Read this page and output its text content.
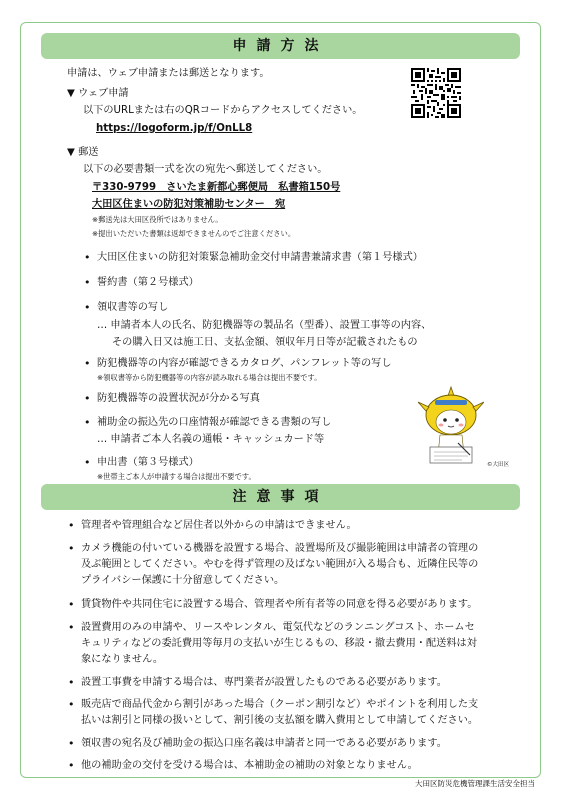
申請方法
申請は、ウェブ申請または郵送となります。
▼ ウェブ申請
以下のURLまたは右のQRコードからアクセスしてください。
https://logoform.jp/f/OnLL8
▼ 郵送
以下の必要書類一式を次の宛先へ郵送してください。
〒330-9799　さいたま新都心郵便局　私書箱150号
大田区住まいの防犯対策補助センター　宛
※郵送先は大田区役所ではありません。
※提出いただいた書類は返却できませんのでご注意ください。
• 大田区住まいの防犯対策緊急補助金交付申請書兼請求書（第１号様式）
• 誓約書（第２号様式）
• 領収書等の写し
… 申請者本人の氏名、防犯機器等の製品名（型番）、設置工事等の内容、
その購入日又は施工日、支払金額、領収年月日等が記載されたもの
• 防犯機器等の内容が確認できるカタログ、パンフレット等の写し
※領収書等から防犯機器等の内容が読み取れる場合は提出不要です。
• 防犯機器等の設置状況が分かる写真
• 補助金の振込先の口座情報が確認できる書類の写し
… 申請者ご本人名義の通帳・キャッシュカード等
• 申出書（第３号様式）
※世帯主ご本人が申請する場合は提出不要です。
©大田区
注意事項
• 管理者や管理組合など居住者以外からの申請はできません。
• カメラ機能の付いている機器を設置する場合、設置場所及び撮影範囲は申請者の管理の
及ぶ範囲としてください。やむを得ず管理の及ばない範囲が入る場合も、近隣住民等の
プライバシー保護に十分留意してください。
• 賃貸物件や共同住宅に設置する場合、管理者や所有者等の同意を得る必要があります。
• 設置費用のみの申請や、リースやレンタル、電気代などのランニングコスト、ホームセ
キュリティなどの委託費用等毎月の支払いが生じるもの、移設・撤去費用・配送料は対
象になりません。
• 設置工事費を申請する場合は、専門業者が設置したものである必要があります。
• 販売店で商品代金から割引があった場合（クーポン割引など）やポイントを利用した支
払いは割引と同様の扱いとして、割引後の支払額を購入費用として申請してください。
• 領収書の宛名及び補助金の振込口座名義は申請者と同一である必要があります。
• 他の補助金の交付を受ける場合は、本補助金の補助の対象となりません。
大田区防災危機管理課生活安全担当
